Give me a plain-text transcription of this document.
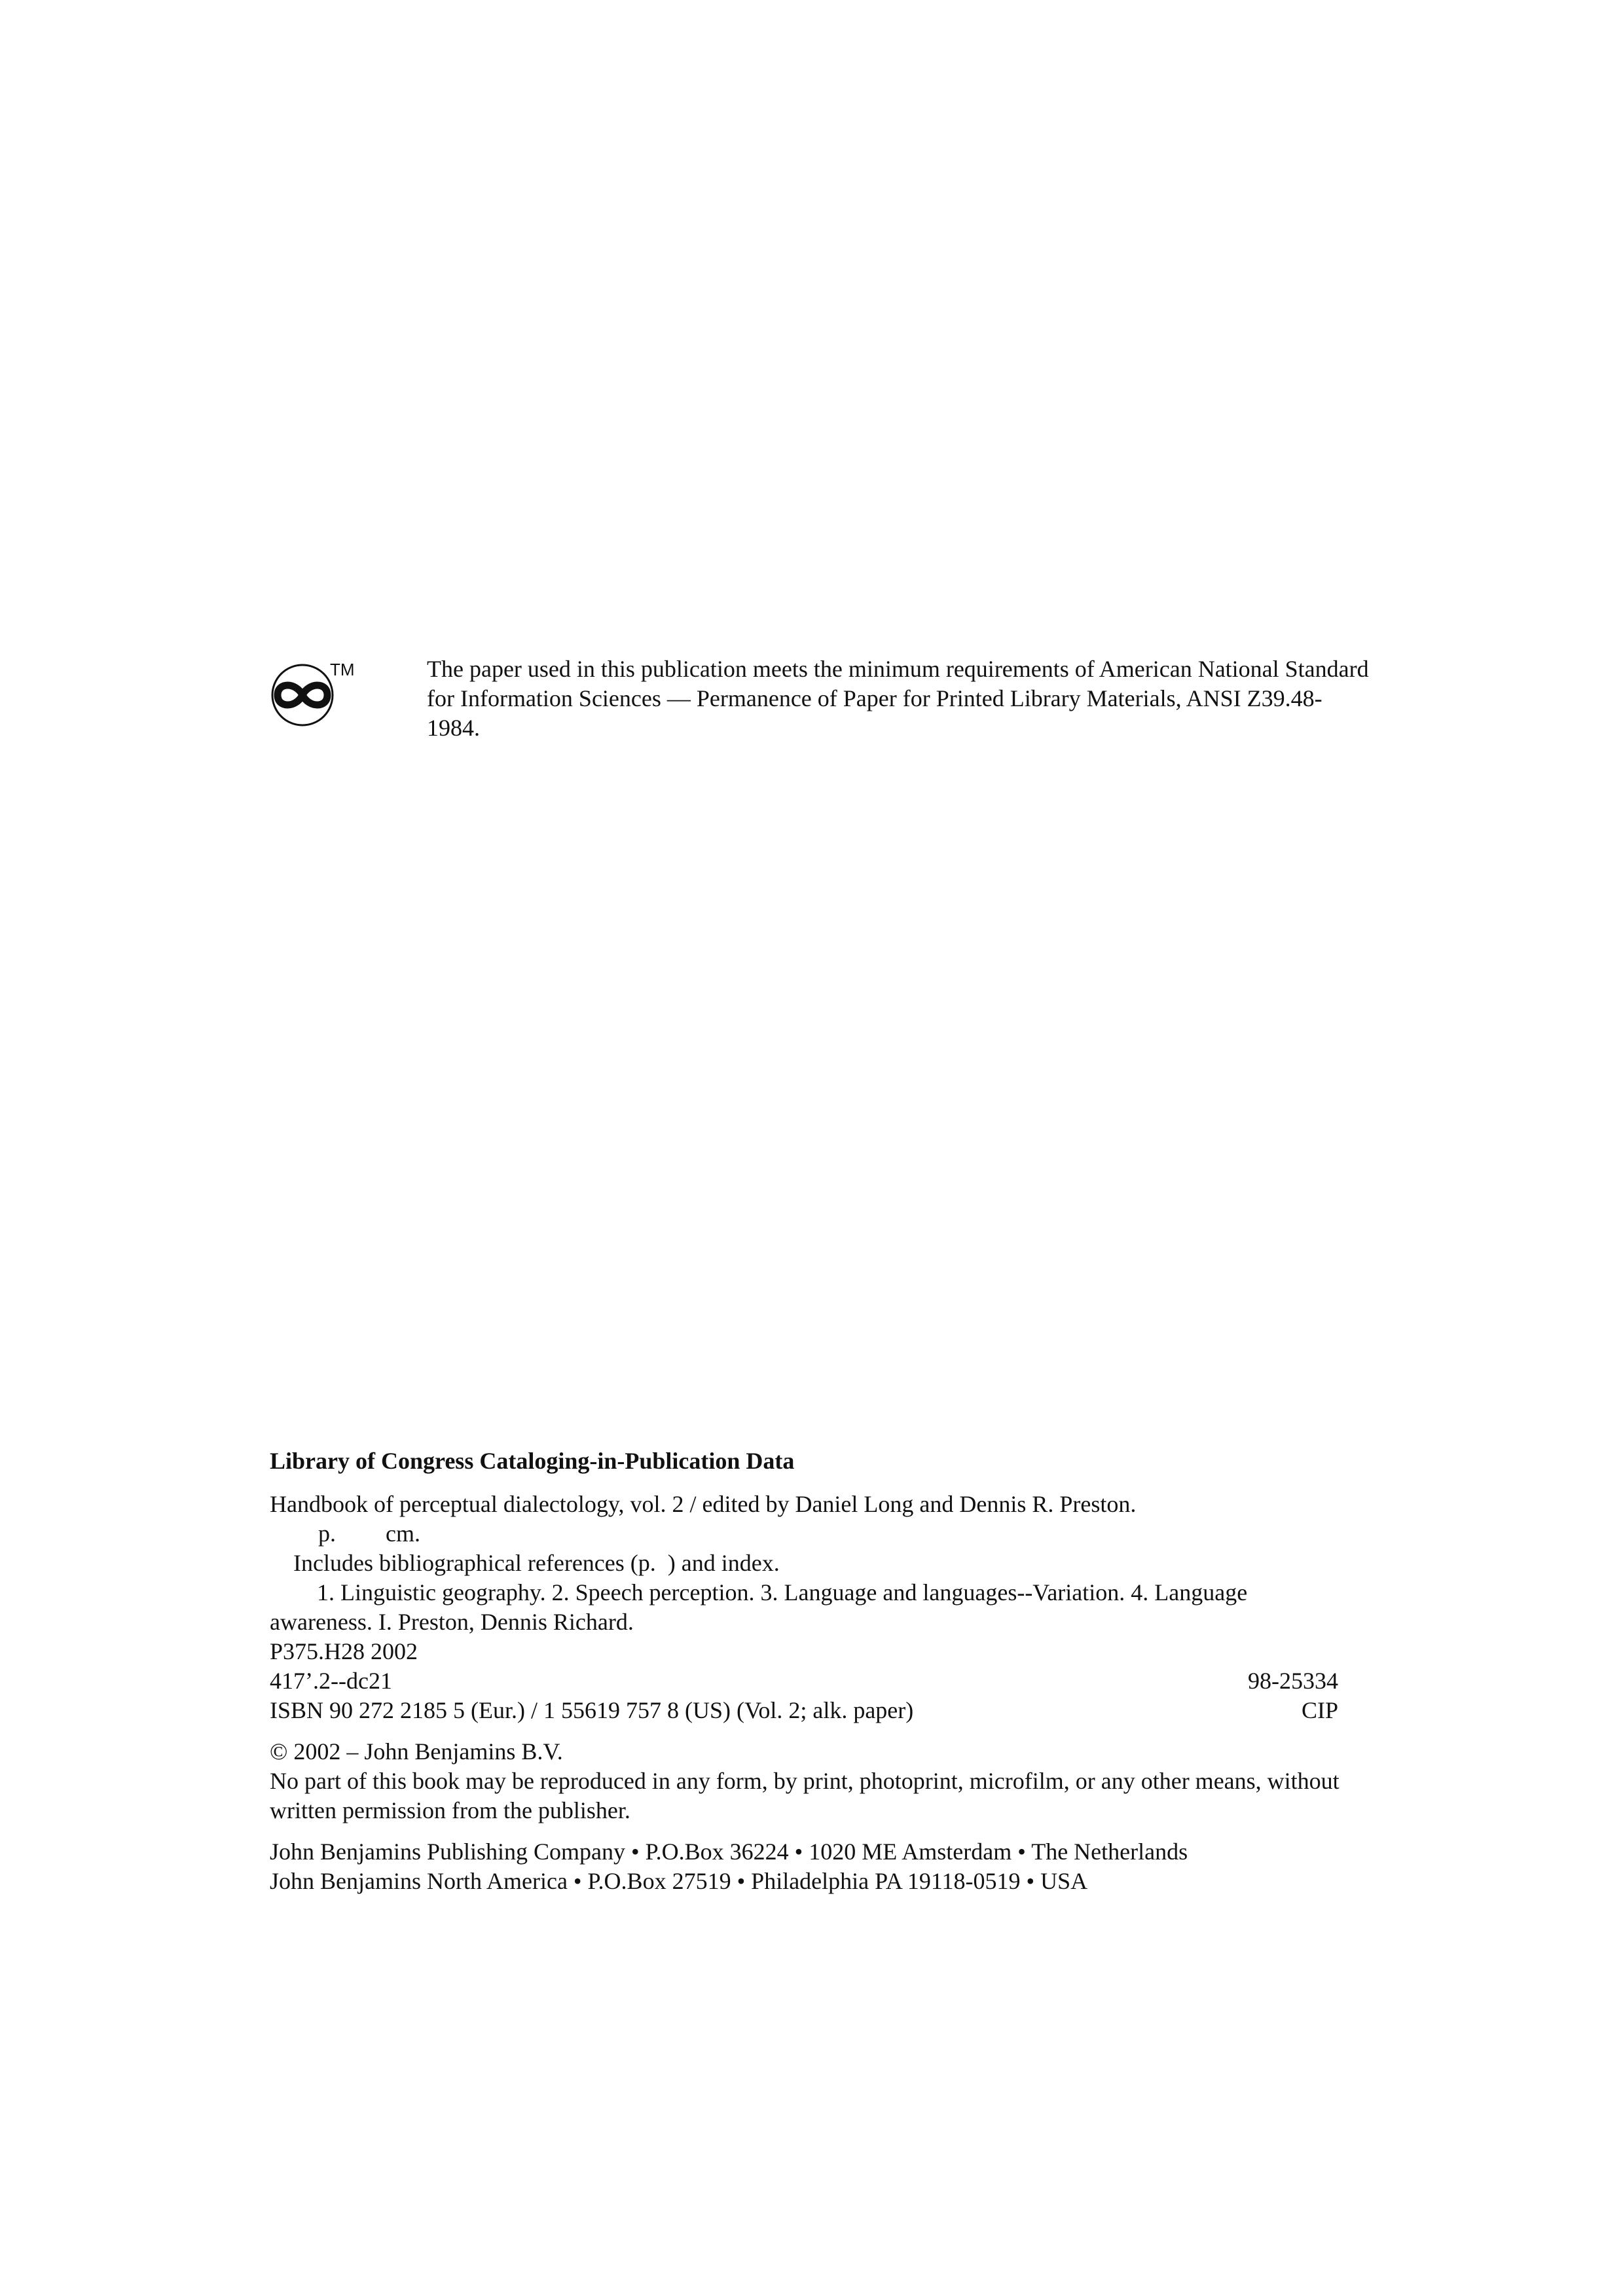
TM	The paper used in this publication meets the minimum requirements of American National Standard for Information Sciences — Permanence of Paper for Printed Library Materials, ANSI Z39.48-1984.

Library of Congress Cataloging-in-Publication Data

Handbook of perceptual dialectology, vol. 2 / edited by Daniel Long and Dennis R. Preston.

p. cm.

Includes bibliographical references (p.  ) and index.

1. Linguistic geography. 2. Speech perception. 3. Language and languages--Variation. 4. Language awareness. I. Preston, Dennis Richard.

P375.H28 2002

417’.2--dc21	98-25334
ISBN 90 272 2185 5 (Eur.) / 1 55619 757 8 (US) (Vol. 2; alk. paper)	CIP

© 2002 – John Benjamins B.V.

No part of this book may be reproduced in any form, by print, photoprint, microfilm, or any other means, without written permission from the publisher.

John Benjamins Publishing Company • P.O.Box 36224 • 1020 ME Amsterdam • The Netherlands

John Benjamins North America • P.O.Box 27519 • Philadelphia PA 19118-0519 • USA
